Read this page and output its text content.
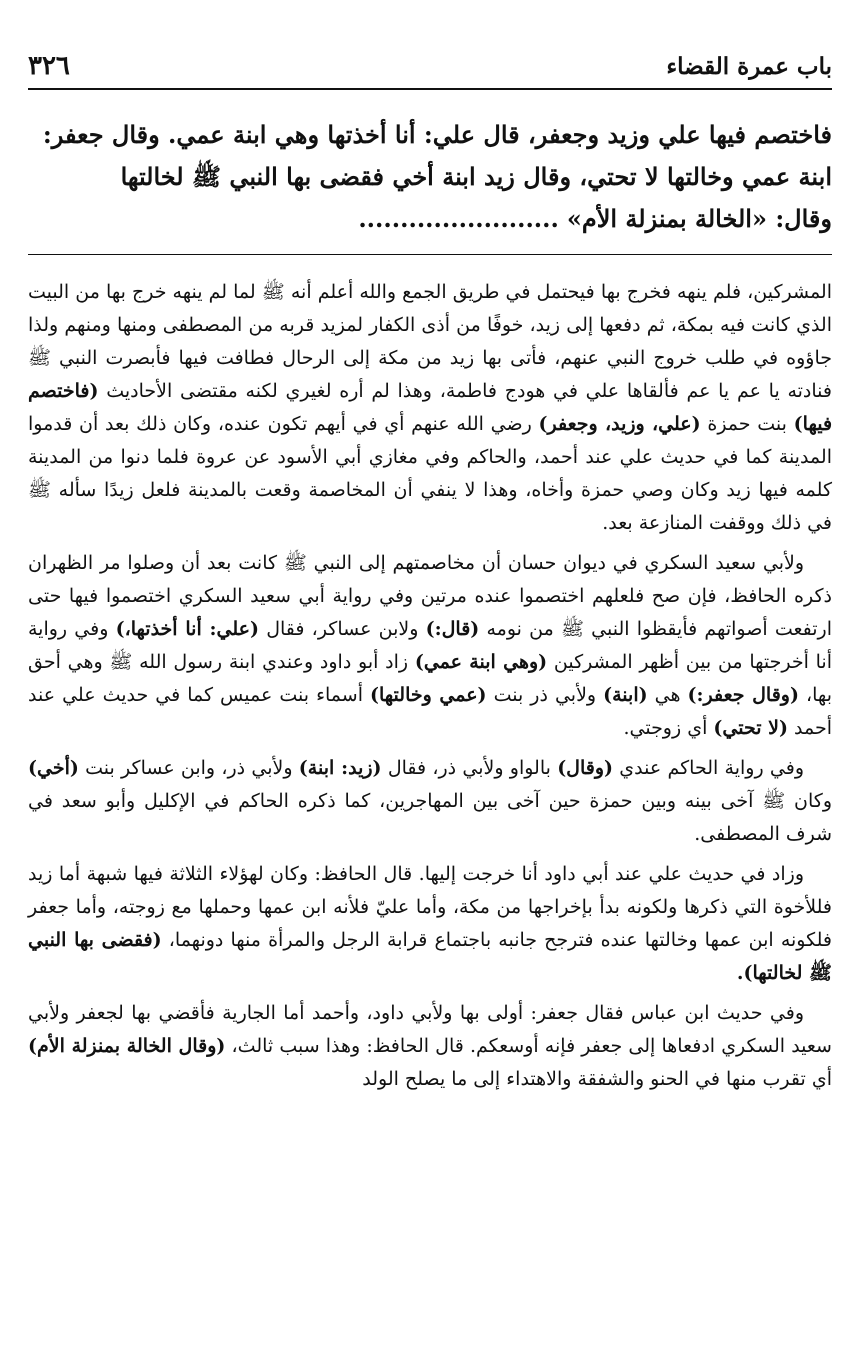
٣٢٦	باب عمرة القضاء

فاختصم فيها علي وزيد وجعفر، قال علي: أنا أخذتها وهي ابنة عمي. وقال جعفر:

ابنة عمي وخالتها لا تحتي، وقال زيد ابنة أخي فقضى بها النبي ﷺ لخالتها

وقال: «الخالة بمنزلة الأم»........................

المشركين، فلم ينهه فخرج بها فيحتمل في طريق الجمع والله أعلم أنه ﷺ لما لم ينهه خرج بها من البيت الذي كانت فيه بمكة، ثم دفعها إلى زيد، خوفًا من أذى الكفار لمزيد قربه من المصطفى ومنها ومنهم ولذا جاؤوه في طلب خروج النبي عنهم، فأتى بها زيد من مكة إلى الرحال فطافت فيها فأبصرت النبي ﷺ فنادته يا عم يا عم فألقاها علي في هودج فاطمة، وهذا لم أره لغيري لكنه مقتضى الأحاديث (فاختصم فيها) بنت حمزة (علي، وزيد، وجعفر) رضي الله عنهم أي في أيهم تكون عنده، وكان ذلك بعد أن قدموا المدينة كما في حديث علي عند أحمد، والحاكم وفي مغازي أبي الأسود عن عروة فلما دنوا من المدينة كلمه فيها زيد وكان وصي حمزة وأخاه، وهذا لا ينفي أن المخاصمة وقعت بالمدينة فلعل زيدًا سأله ﷺ في ذلك ووقفت المنازعة بعد.

ولأبي سعيد السكري في ديوان حسان أن مخاصمتهم إلى النبي ﷺ كانت بعد أن وصلوا مر الظهران ذكره الحافظ، فإن صح فلعلهم اختصموا عنده مرتين وفي رواية أبي سعيد السكري اختصموا فيها حتى ارتفعت أصواتهم فأيقظوا النبي ﷺ من نومه (قال:) ولابن عساكر، فقال (علي: أنا أخذتها،) وفي رواية أنا أخرجتها من بين أظهر المشركين (وهي ابنة عمي) زاد أبو داود وعندي ابنة رسول الله ﷺ وهي أحق بها، (وقال جعفر:) هي (ابنة) ولأبي ذر بنت (عمي وخالتها) أسماء بنت عميس كما في حديث علي عند أحمد (لا تحتي) أي زوجتي.

وفي رواية الحاكم عندي (وقال) بالواو ولأبي ذر، فقال (زيد: ابنة) ولأبي ذر، وابن عساكر بنت (أخي) وكان ﷺ آخى بينه وبين حمزة حين آخى بين المهاجرين، كما ذكره الحاكم في الإكليل وأبو سعد في شرف المصطفى.

وزاد في حديث علي عند أبي داود أنا خرجت إليها. قال الحافظ: وكان لهؤلاء الثلاثة فيها شبهة أما زيد فللأخوة التي ذكرها ولكونه بدأ بإخراجها من مكة، وأما عليّ فلأنه ابن عمها وحملها مع زوجته، وأما جعفر فلكونه ابن عمها وخالتها عنده فترجح جانبه باجتماع قرابة الرجل والمرأة منها دونهما، (فقضى بها النبي ﷺ لخالتها).

وفي حديث ابن عباس فقال جعفر: أولى بها ولأبي داود، وأحمد أما الجارية فأقضي بها لجعفر ولأبي سعيد السكري ادفعاها إلى جعفر فإنه أوسعكم. قال الحافظ: وهذا سبب ثالث، (وقال الخالة بمنزلة الأم) أي تقرب منها في الحنو والشفقة والاهتداء إلى ما يصلح الولد
